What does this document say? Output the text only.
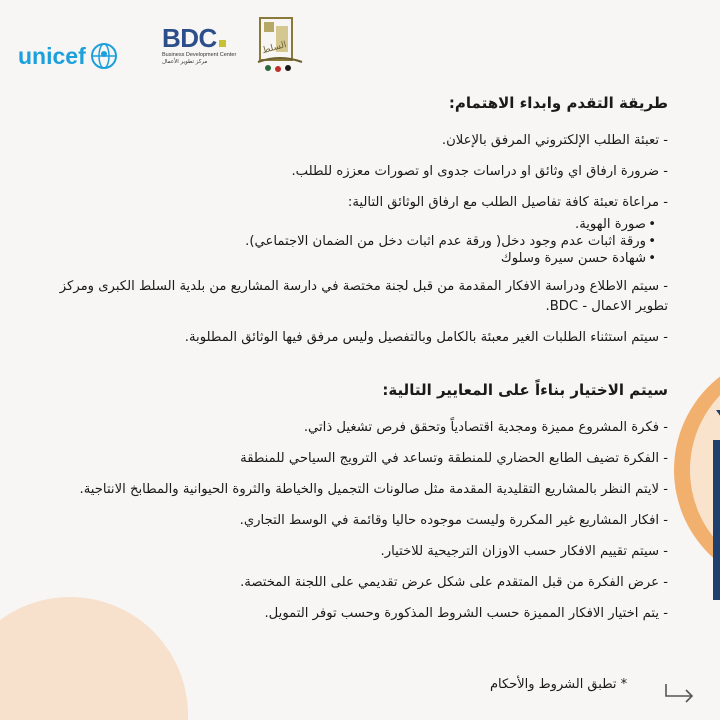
unicef
BDC
Business Development Center
مركز تطوير الأعمال
السلط
طريقة التقدم وابداء الاهتمام:
- تعبئة الطلب الإلكتروني المرفق بالإعلان.
- ضرورة ارفاق اي وثائق او دراسات جدوى او تصورات معززه للطلب.
- مراعاة تعبئة كافة تفاصيل الطلب مع ارفاق الوثائق التالية:
• صورة الهوية.
• ورقة اثبات عدم وجود دخل( ورقة عدم اثبات دخل من الضمان الاجتماعي).
• شهادة حسن سيرة وسلوك
- سيتم الاطلاع ودراسة الافكار المقدمة من قبل لجنة مختصة في دارسة المشاريع من بلدية السلط الكبرى ومركز تطوير الاعمال - BDC.
- سيتم استثناء الطلبات الغير معبئة بالكامل وبالتفصيل وليس مرفق فيها الوثائق المطلوبة.
سيتم الاختيار بناءاً على المعايير التالية:
- فكرة المشروع مميزة ومجدية اقتصادياً وتحقق فرص تشغيل ذاتي.
- الفكرة تضيف الطابع الحضاري للمنطقة وتساعد في الترويج السياحي للمنطقة
- لايتم النظر بالمشاريع التقليدية المقدمة مثل صالونات التجميل والخياطة والثروة الحيوانية والمطابخ الانتاجية.
- افكار المشاريع غير المكررة وليست موجوده حاليا وقائمة في الوسط التجاري.
- سيتم تقييم الافكار حسب الاوزان الترجيحية للاختيار.
- عرض الفكرة من قبل المتقدم على شكل عرض تقديمي على اللجنة المختصة.
- يتم اختيار الافكار المميزة حسب الشروط المذكورة وحسب توفر التمويل.
* تطبق الشروط والأحكام
